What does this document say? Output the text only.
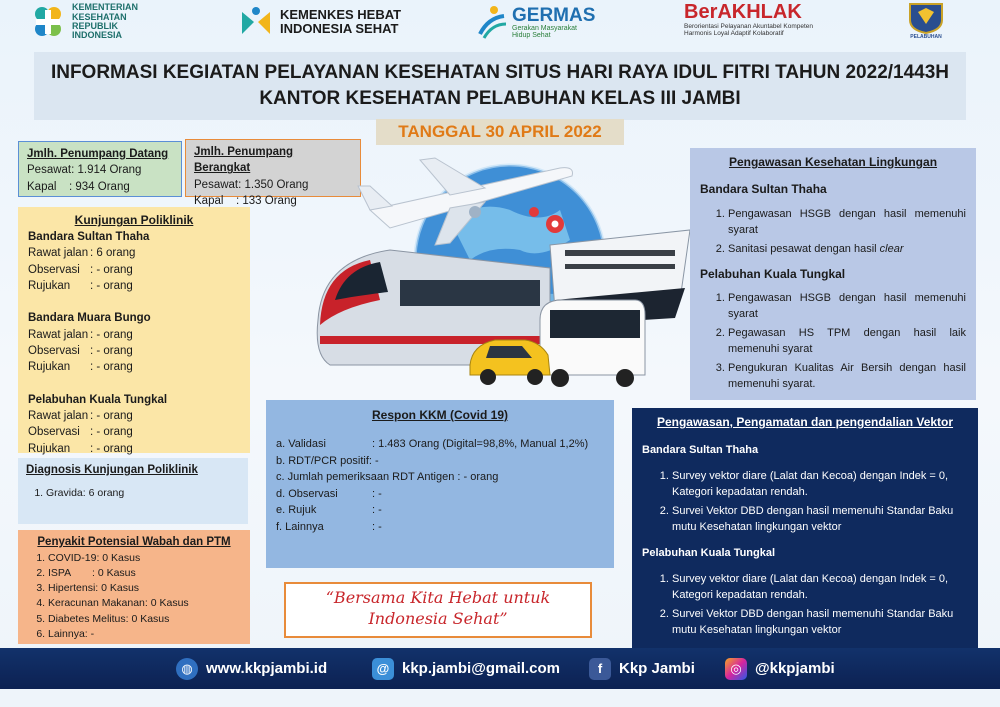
KEMENTERIAN
KESEHATAN
REPUBLIK
INDONESIA
KEMENKES HEBAT
INDONESIA SEHAT
GERMAS
Gerakan Masyarakat
Hidup Sehat
BerAKHLAK
Berorientasi Pelayanan Akuntabel Kompeten
Harmonis Loyal Adaptif Kolaboratif	PELABUHAN
INFORMASI KEGIATAN PELAYANAN KESEHATAN SITUS HARI RAYA IDUL FITRI TAHUN 2022/1443H
KANTOR KESEHATAN PELABUHAN KELAS III JAMBI
TANGGAL 30 APRIL 2022
Jmlh. Penumpang Datang
Pesawat: 1.914 Orang
Kapal	: 934 Orang
Jmlh. Penumpang Berangkat
Pesawat: 1.350 Orang
Kapal	: 133 Orang
Kunjungan Poliklinik
Bandara Sultan Thaha
Rawat jalan : 6 orang
Observasi : - orang
Rujukan	: - orang
Bandara Muara Bungo
Rawat jalan : - orang
Observasi : - orang
Rujukan	: - orang
Pelabuhan Kuala Tungkal
Rawat jalan : - orang
Observasi : - orang
Rujukan	: - orang
Diagnosis Kunjungan Poliklinik
1. Gravida: 6 orang
Penyakit Potensial Wabah dan PTM
1. COVID-19: 0 Kasus
2. ISPA : 0 Kasus
3. Hipertensi: 0 Kasus
4. Keracunan Makanan: 0 Kasus
5. Diabetes Melitus: 0 Kasus
6. Lainnya: -
Respon KKM (Covid 19)
a. Validasi	: 1.483 Orang (Digital=98,8%, Manual 1,2%)
b. RDT/PCR positif : -
c. Jumlah pemeriksaan RDT Antigen
: - orang
d. Observasi	: -
e. Rujuk	: -
f. Lainnya	: -
“Bersama Kita Hebat untuk
Indonesia Sehat”
Pengawasan Kesehatan Lingkungan
Bandara Sultan Thaha
1. Pengawasan HSGB dengan hasil memenuhi syarat
2. Sanitasi pesawat dengan hasil clear
Pelabuhan Kuala Tungkal
1. Pengawasan HSGB dengan hasil memenuhi syarat
2. Pegawasan HS TPM dengan hasil laik memenuhi syarat
3. Pengukuran Kualitas Air Bersih dengan hasil memenuhi syarat.
Pengawasan, Pengamatan dan pengendalian Vektor
Bandara Sultan Thaha
1. Survey vektor diare (Lalat dan Kecoa) dengan Indek = 0, Kategori kepadatan rendah.
2. Survei Vektor DBD dengan hasil memenuhi Standar Baku mutu Kesehatan lingkungan vektor
Pelabuhan Kuala Tungkal
1. Survey vektor diare (Lalat dan Kecoa) dengan Indek = 0, Kategori kepadatan rendah.
2. Survei Vektor DBD dengan hasil memenuhi Standar Baku mutu Kesehatan lingkungan vektor
◍ www.kkpjambi.id	@ kkp.jambi@gmail.com	f	Kkp Jambi	◎ @kkpjambi
